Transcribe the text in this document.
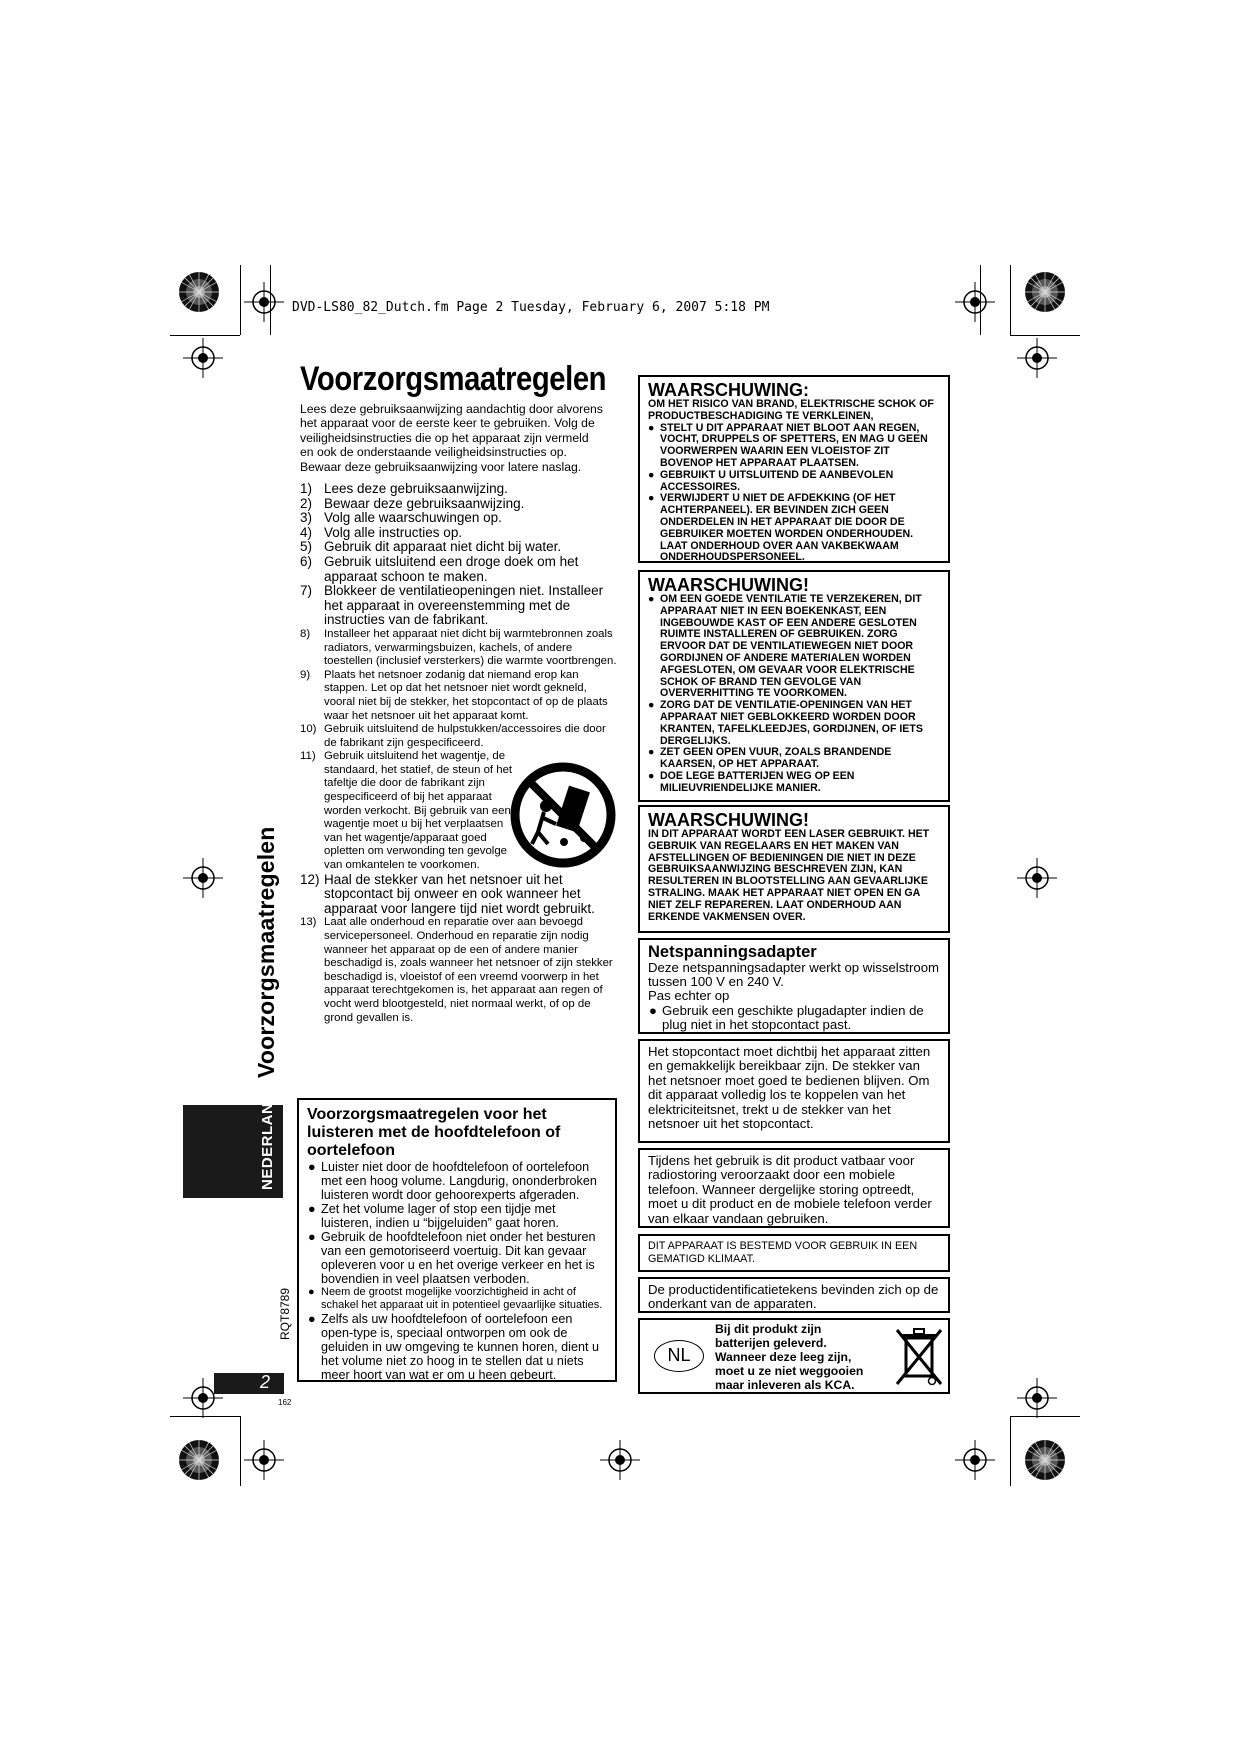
DVD-LS80_82_Dutch.fm Page 2 Tuesday, February 6, 2007 5:18 PM
Voorzorgsmaatregelen
Lees deze gebruiksaanwijzing aandachtig door alvorens
het apparaat voor de eerste keer te gebruiken. Volg de
veiligheidsinstructies die op het apparaat zijn vermeld
en ook de onderstaande veiligheidsinstructies op.
Bewaar deze gebruiksaanwijzing voor latere naslag.
1) Lees deze gebruiksaanwijzing.
2) Bewaar deze gebruiksaanwijzing.
3) Volg alle waarschuwingen op.
4) Volg alle instructies op.
5) Gebruik dit apparaat niet dicht bij water.
6) Gebruik uitsluitend een droge doek om het apparaat schoon te maken.
7) Blokkeer de ventilatieopeningen niet. Installeer het apparaat in overeenstemming met de instructies van de fabrikant.
8) Installeer het apparaat niet dicht bij warmtebronnen zoals radiators, verwarmingsbuizen, kachels, of andere toestellen (inclusief versterkers) die warmte voortbrengen.
9) Plaats het netsnoer zodanig dat niemand erop kan stappen. Let op dat het netsnoer niet wordt gekneld, vooral niet bij de stekker, het stopcontact of op de plaats waar het netsnoer uit het apparaat komt.
10) Gebruik uitsluitend de hulpstukken/accessoires die door de fabrikant zijn gespecificeerd.
11) Gebruik uitsluitend het wagentje, de standaard, het statief, de steun of het tafeltje die door de fabrikant zijn gespecificeerd of bij het apparaat worden verkocht. Bij gebruik van een wagentje moet u bij het verplaatsen van het wagentje/apparaat goed opletten om verwonding ten gevolge van omkantelen te voorkomen.
12) Haal de stekker van het netsnoer uit het stopcontact bij onweer en ook wanneer het apparaat voor langere tijd niet wordt gebruikt.
13) Laat alle onderhoud en reparatie over aan bevoegd servicepersoneel. Onderhoud en reparatie zijn nodig wanneer het apparaat op de een of andere manier beschadigd is, zoals wanneer het netsnoer of zijn stekker beschadigd is, vloeistof of een vreemd voorwerp in het apparaat terechtgekomen is, het apparaat aan regen of vocht werd blootgesteld, niet normaal werkt, of op de grond gevallen is.
Voorzorgsmaatregelen voor het luisteren met de hoofdtelefoon of oortelefoon
● Luister niet door de hoofdtelefoon of oortelefoon met een hoog volume. Langdurig, ononderbroken luisteren wordt door gehoorexperts afgeraden.
● Zet het volume lager of stop een tijdje met luisteren, indien u “bijgeluiden” gaat horen.
● Gebruik de hoofdtelefoon niet onder het besturen van een gemotoriseerd voertuig. Dit kan gevaar opleveren voor u en het overige verkeer en het is bovendien in veel plaatsen verboden.
● Neem de grootst mogelijke voorzichtigheid in acht of schakel het apparaat uit in potentieel gevaarlijke situaties.
● Zelfs als uw hoofdtelefoon of oortelefoon een open-type is, speciaal ontworpen om ook de geluiden in uw omgeving te kunnen horen, dient u het volume niet zo hoog in te stellen dat u niets meer hoort van wat er om u heen gebeurt.
WAARSCHUWING:
OM HET RISICO VAN BRAND, ELEKTRISCHE SCHOK OF PRODUCTBESCHADIGING TE VERKLEINEN,
● STELT U DIT APPARAAT NIET BLOOT AAN REGEN, VOCHT, DRUPPELS OF SPETTERS, EN MAG U GEEN VOORWERPEN WAARIN EEN VLOEISTOF ZIT BOVENOP HET APPARAAT PLAATSEN.
● GEBRUIKT U UITSLUITEND DE AANBEVOLEN ACCESSOIRES.
● VERWIJDERT U NIET DE AFDEKKING (OF HET ACHTERPANEEL). ER BEVINDEN ZICH GEEN ONDERDELEN IN HET APPARAAT DIE DOOR DE GEBRUIKER MOETEN WORDEN ONDERHOUDEN. LAAT ONDERHOUD OVER AAN VAKBEKWAAM ONDERHOUDSPERSONEEL.
WAARSCHUWING!
● OM EEN GOEDE VENTILATIE TE VERZEKEREN, DIT APPARAAT NIET IN EEN BOEKENKAST, EEN INGEBOUWDE KAST OF EEN ANDERE GESLOTEN RUIMTE INSTALLEREN OF GEBRUIKEN. ZORG ERVOOR DAT DE VENTILATIEWEGEN NIET DOOR GORDIJNEN OF ANDERE MATERIALEN WORDEN AFGESLOTEN, OM GEVAAR VOOR ELEKTRISCHE SCHOK OF BRAND TEN GEVOLGE VAN OVERVERHITTING TE VOORKOMEN.
● ZORG DAT DE VENTILATIE-OPENINGEN VAN HET APPARAAT NIET GEBLOKKEERD WORDEN DOOR KRANTEN, TAFELKLEEDJES, GORDIJNEN, OF IETS DERGELIJKS.
● ZET GEEN OPEN VUUR, ZOALS BRANDENDE KAARSEN, OP HET APPARAAT.
● DOE LEGE BATTERIJEN WEG OP EEN MILIEUVRIENDELIJKE MANIER.
WAARSCHUWING!
IN DIT APPARAAT WORDT EEN LASER GEBRUIKT. HET GEBRUIK VAN REGELAARS EN HET MAKEN VAN AFSTELLINGEN OF BEDIENINGEN DIE NIET IN DEZE GEBRUIKSAANWIJZING BESCHREVEN ZIJN, KAN RESULTEREN IN BLOOTSTELLING AAN GEVAARLIJKE STRALING. MAAK HET APPARAAT NIET OPEN EN GA NIET ZELF REPAREREN. LAAT ONDERHOUD AAN ERKENDE VAKMENSEN OVER.
Netspanningsadapter
Deze netspanningsadapter werkt op wisselstroom tussen 100 V en 240 V.
Pas echter op
● Gebruik een geschikte plugadapter indien de plug niet in het stopcontact past.
Het stopcontact moet dichtbij het apparaat zitten en gemakkelijk bereikbaar zijn. De stekker van het netsnoer moet goed te bedienen blijven. Om dit apparaat volledig los te koppelen van het elektriciteitsnet, trekt u de stekker van het netsnoer uit het stopcontact.
Tijdens het gebruik is dit product vatbaar voor radiostoring veroorzaakt door een mobiele telefoon. Wanneer dergelijke storing optreedt, moet u dit product en de mobiele telefoon verder van elkaar vandaan gebruiken.
DIT APPARAAT IS BESTEMD VOOR GEBRUIK IN EEN GEMATIGD KLIMAAT.
De productidentificatietekens bevinden zich op de onderkant van de apparaten.
NL
Bij dit produkt zijn batterijen geleverd. Wanneer deze leeg zijn, moet u ze niet weggooien maar inleveren als KCA.
Voorzorgsmaatregelen
NEDERLANDS
RQT8789
2
162
